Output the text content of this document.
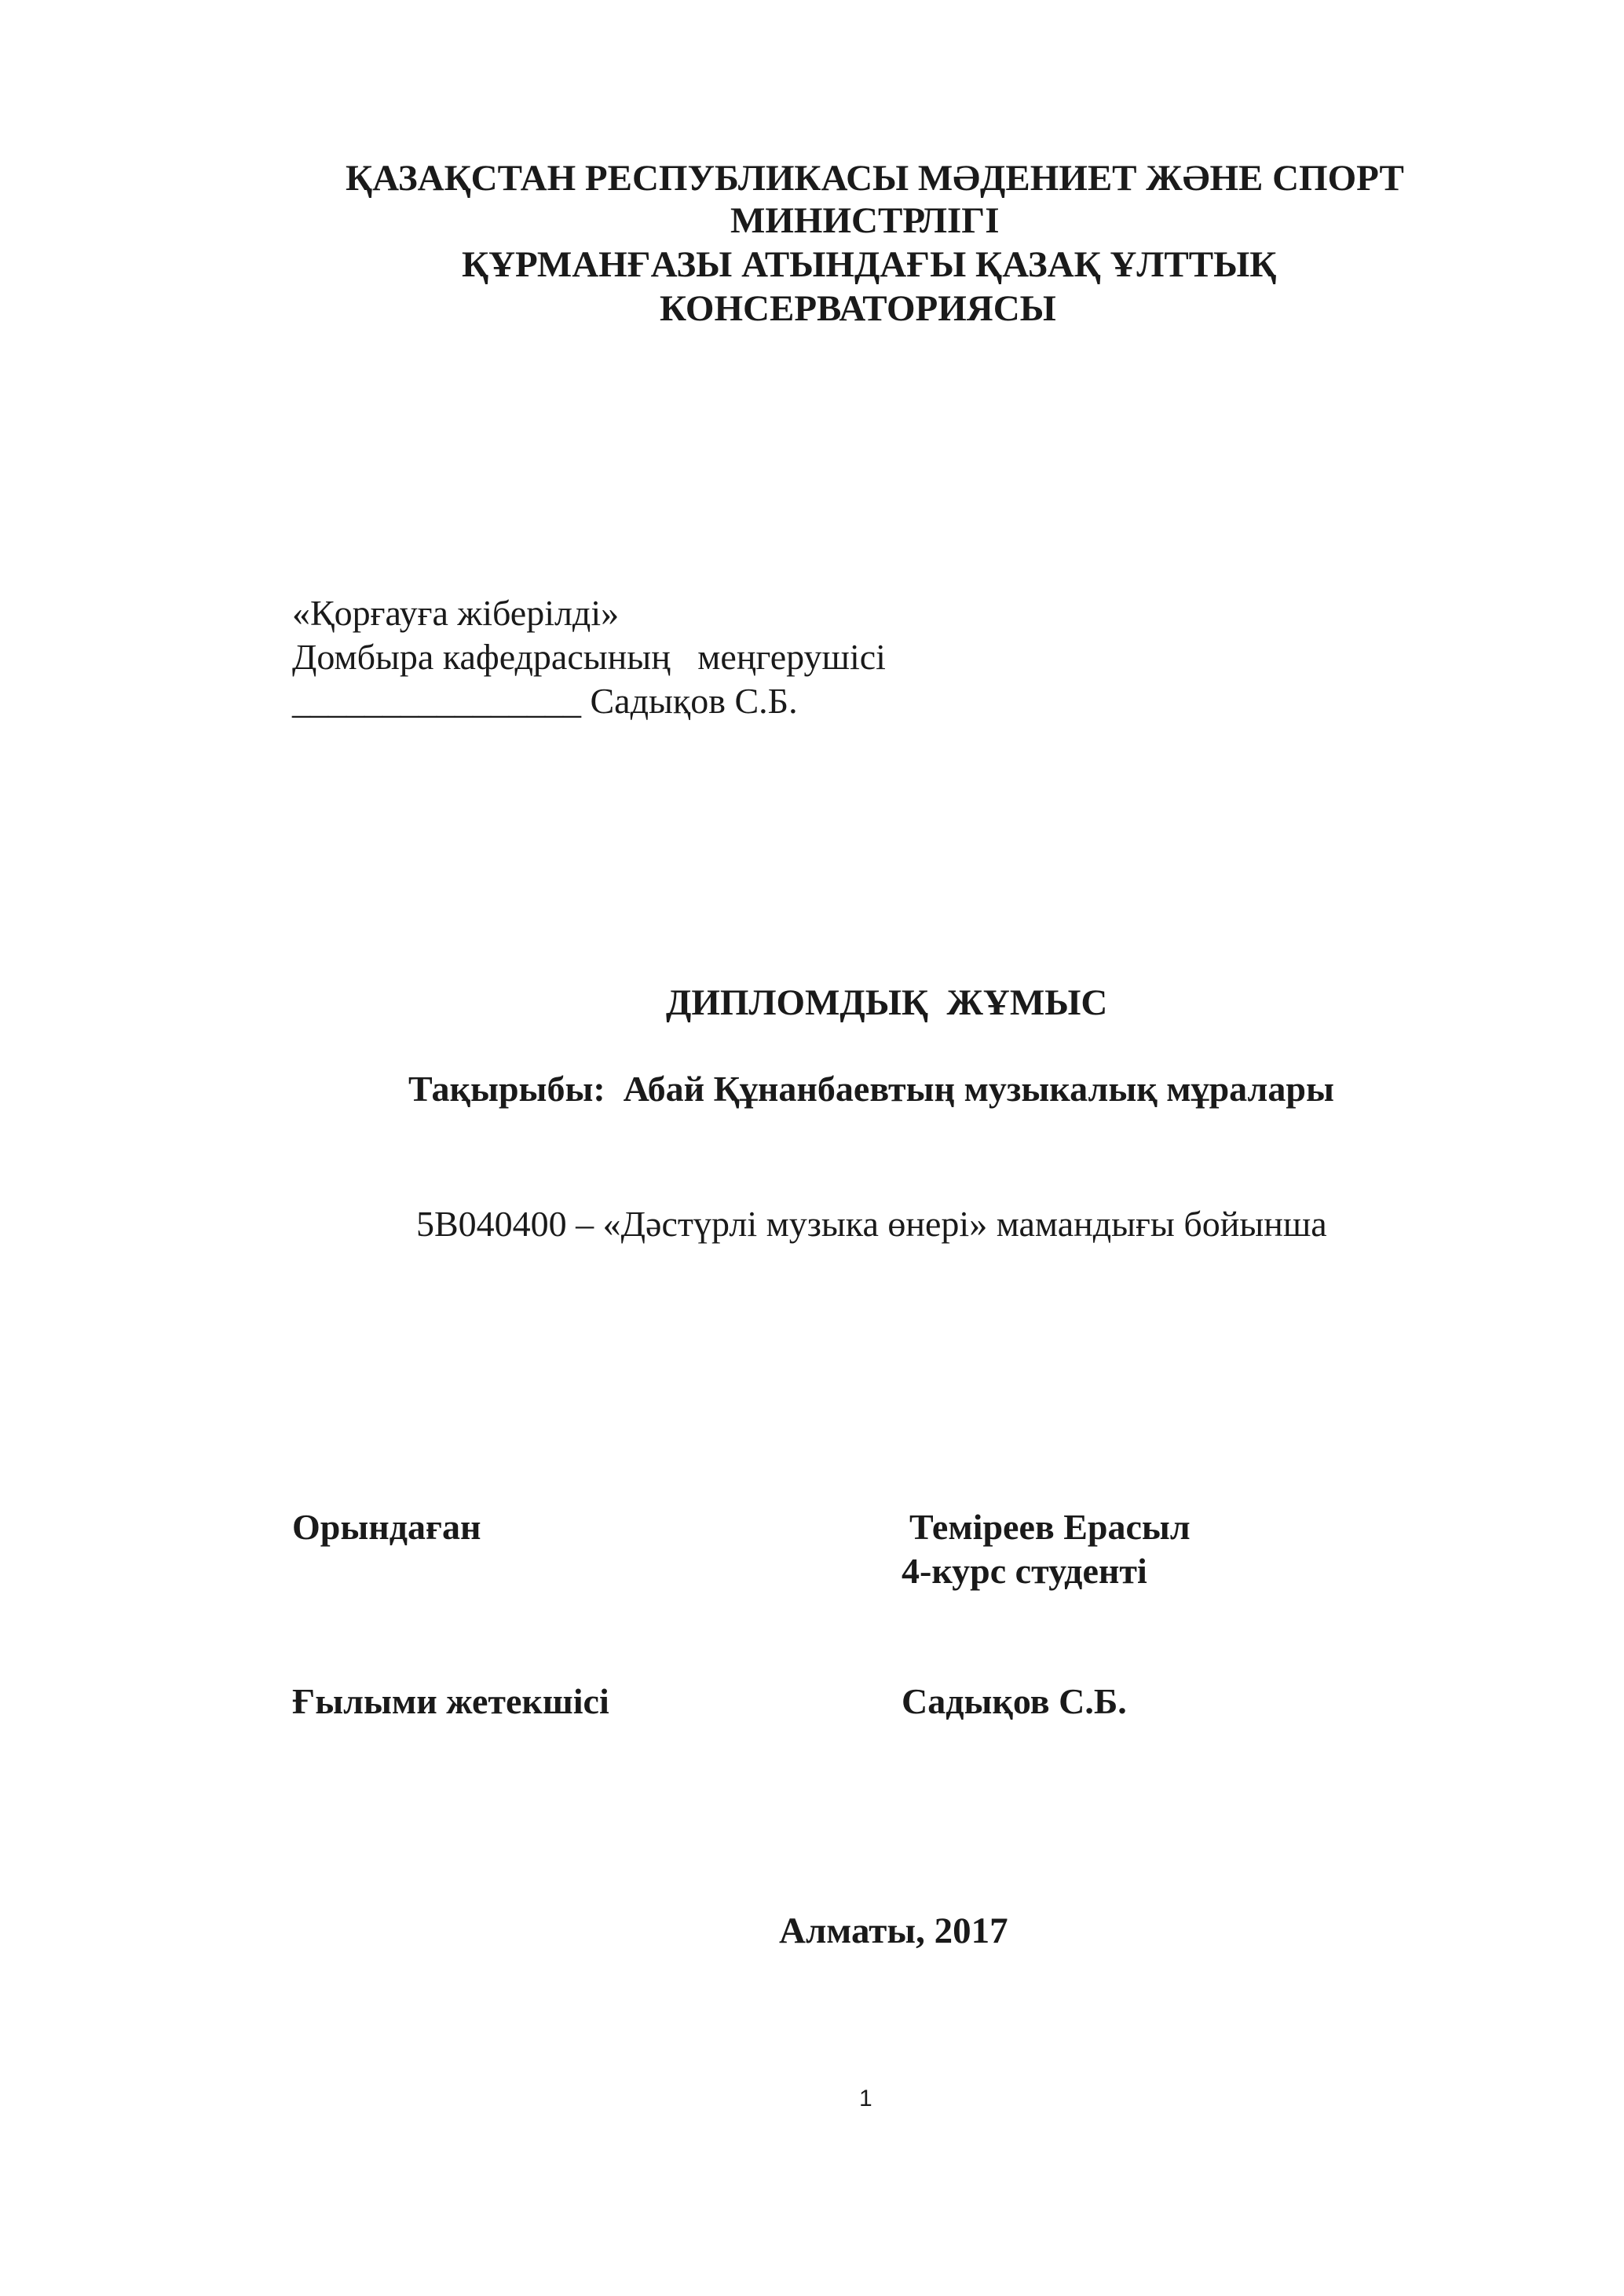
ҚАЗАҚСТАН РЕСПУБЛИКАСЫ МӘДЕНИЕТ ЖӘНЕ СПОРТ
МИНИСТРЛІГІ
ҚҰРМАНҒАЗЫ АТЫНДАҒЫ ҚАЗАҚ ҰЛТТЫҚ
КОНСЕРВАТОРИЯСЫ
«Қорғауға жіберілді»
Домбыра кафедрасының   меңгерушісі
________________ Садықов С.Б.
ДИПЛОМДЫҚ  ЖҰМЫС
Тақырыбы:  Абай Құнанбаевтың музыкалық мұралары
5В040400 – «Дәстүрлі музыка өнері» мамандығы бойынша
Орындаған	Теміреев Ерасыл
4-курс студенті
Ғылыми жетекшісі	Садықов С.Б.
Алматы, 2017
1
